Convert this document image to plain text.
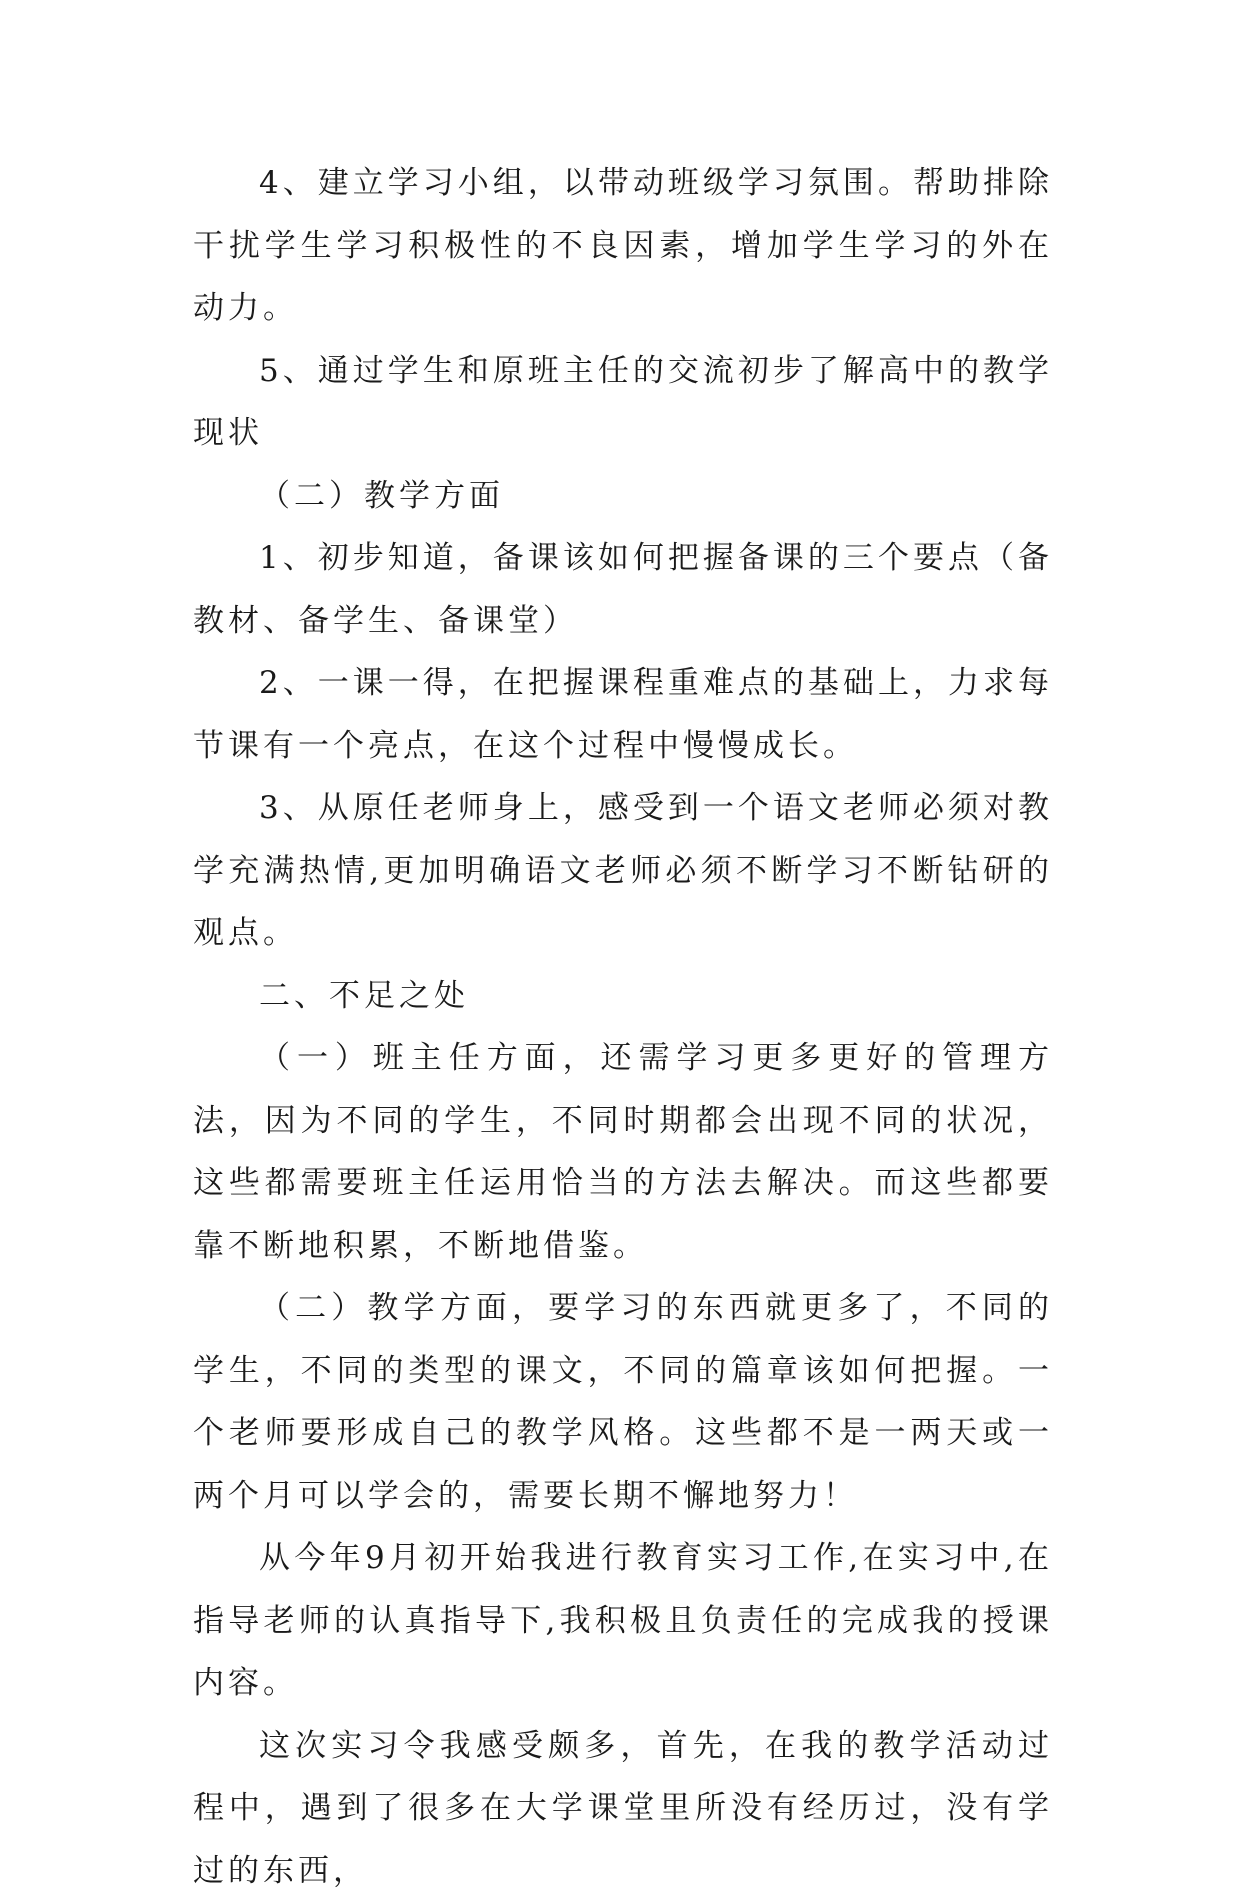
4、建立学习小组，以带动班级学习氛围。帮助排除干扰学生学习积极性的不良因素，增加学生学习的外在动力。

5、通过学生和原班主任的交流初步了解高中的教学现状

（二）教学方面

1、初步知道，备课该如何把握备课的三个要点（备教材、备学生、备课堂）

2、一课一得，在把握课程重难点的基础上，力求每节课有一个亮点，在这个过程中慢慢成长。

3、从原任老师身上，感受到一个语文老师必须对教学充满热情,更加明确语文老师必须不断学习不断钻研的观点。

二、不足之处

（一）班主任方面，还需学习更多更好的管理方法，因为不同的学生，不同时期都会出现不同的状况，这些都需要班主任运用恰当的方法去解决。而这些都要靠不断地积累，不断地借鉴。

（二）教学方面，要学习的东西就更多了，不同的学生，不同的类型的课文，不同的篇章该如何把握。一个老师要形成自己的教学风格。这些都不是一两天或一两个月可以学会的，需要长期不懈地努力！

从今年9月初开始我进行教育实习工作,在实习中,在指导老师的认真指导下,我积极且负责任的完成我的授课内容。

这次实习令我感受颇多，首先，在我的教学活动过程中，遇到了很多在大学课堂里所没有经历过，没有学过的东西，
